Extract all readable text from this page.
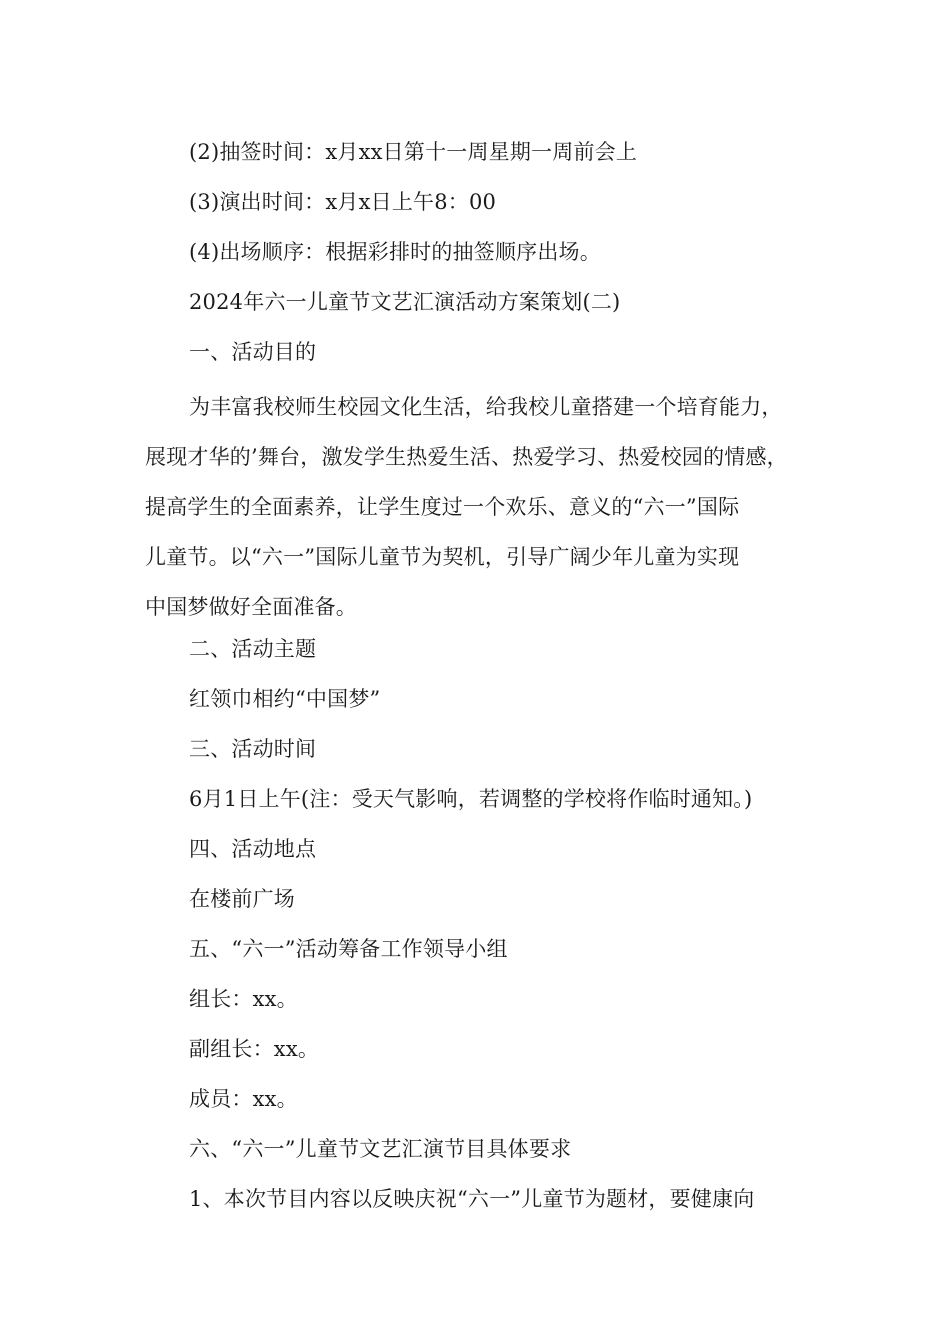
(2)抽签时间：x月xx日第十一周星期一周前会上
(3)演出时间：x月x日上午8：00
(4)出场顺序：根据彩排时的抽签顺序出场。
2024年六一儿童节文艺汇演活动方案策划(二)
一、活动目的
为丰富我校师生校园文化生活，给我校儿童搭建一个培育能力，
展现才华的’舞台，激发学生热爱生活、热爱学习、热爱校园的情感，
提高学生的全面素养，让学生度过一个欢乐、意义的“六一”国际
儿童节。以“六一”国际儿童节为契机，引导广阔少年儿童为实现
中国梦做好全面准备。
二、活动主题
红领巾相约“中国梦”
三、活动时间
6月1日上午(注：受天气影响，若调整的学校将作临时通知。)
四、活动地点
在楼前广场
五、“六一”活动筹备工作领导小组
组长：xx。
副组长：xx。
成员：xx。
六、“六一”儿童节文艺汇演节目具体要求
1、本次节目内容以反映庆祝“六一”儿童节为题材，要健康向
